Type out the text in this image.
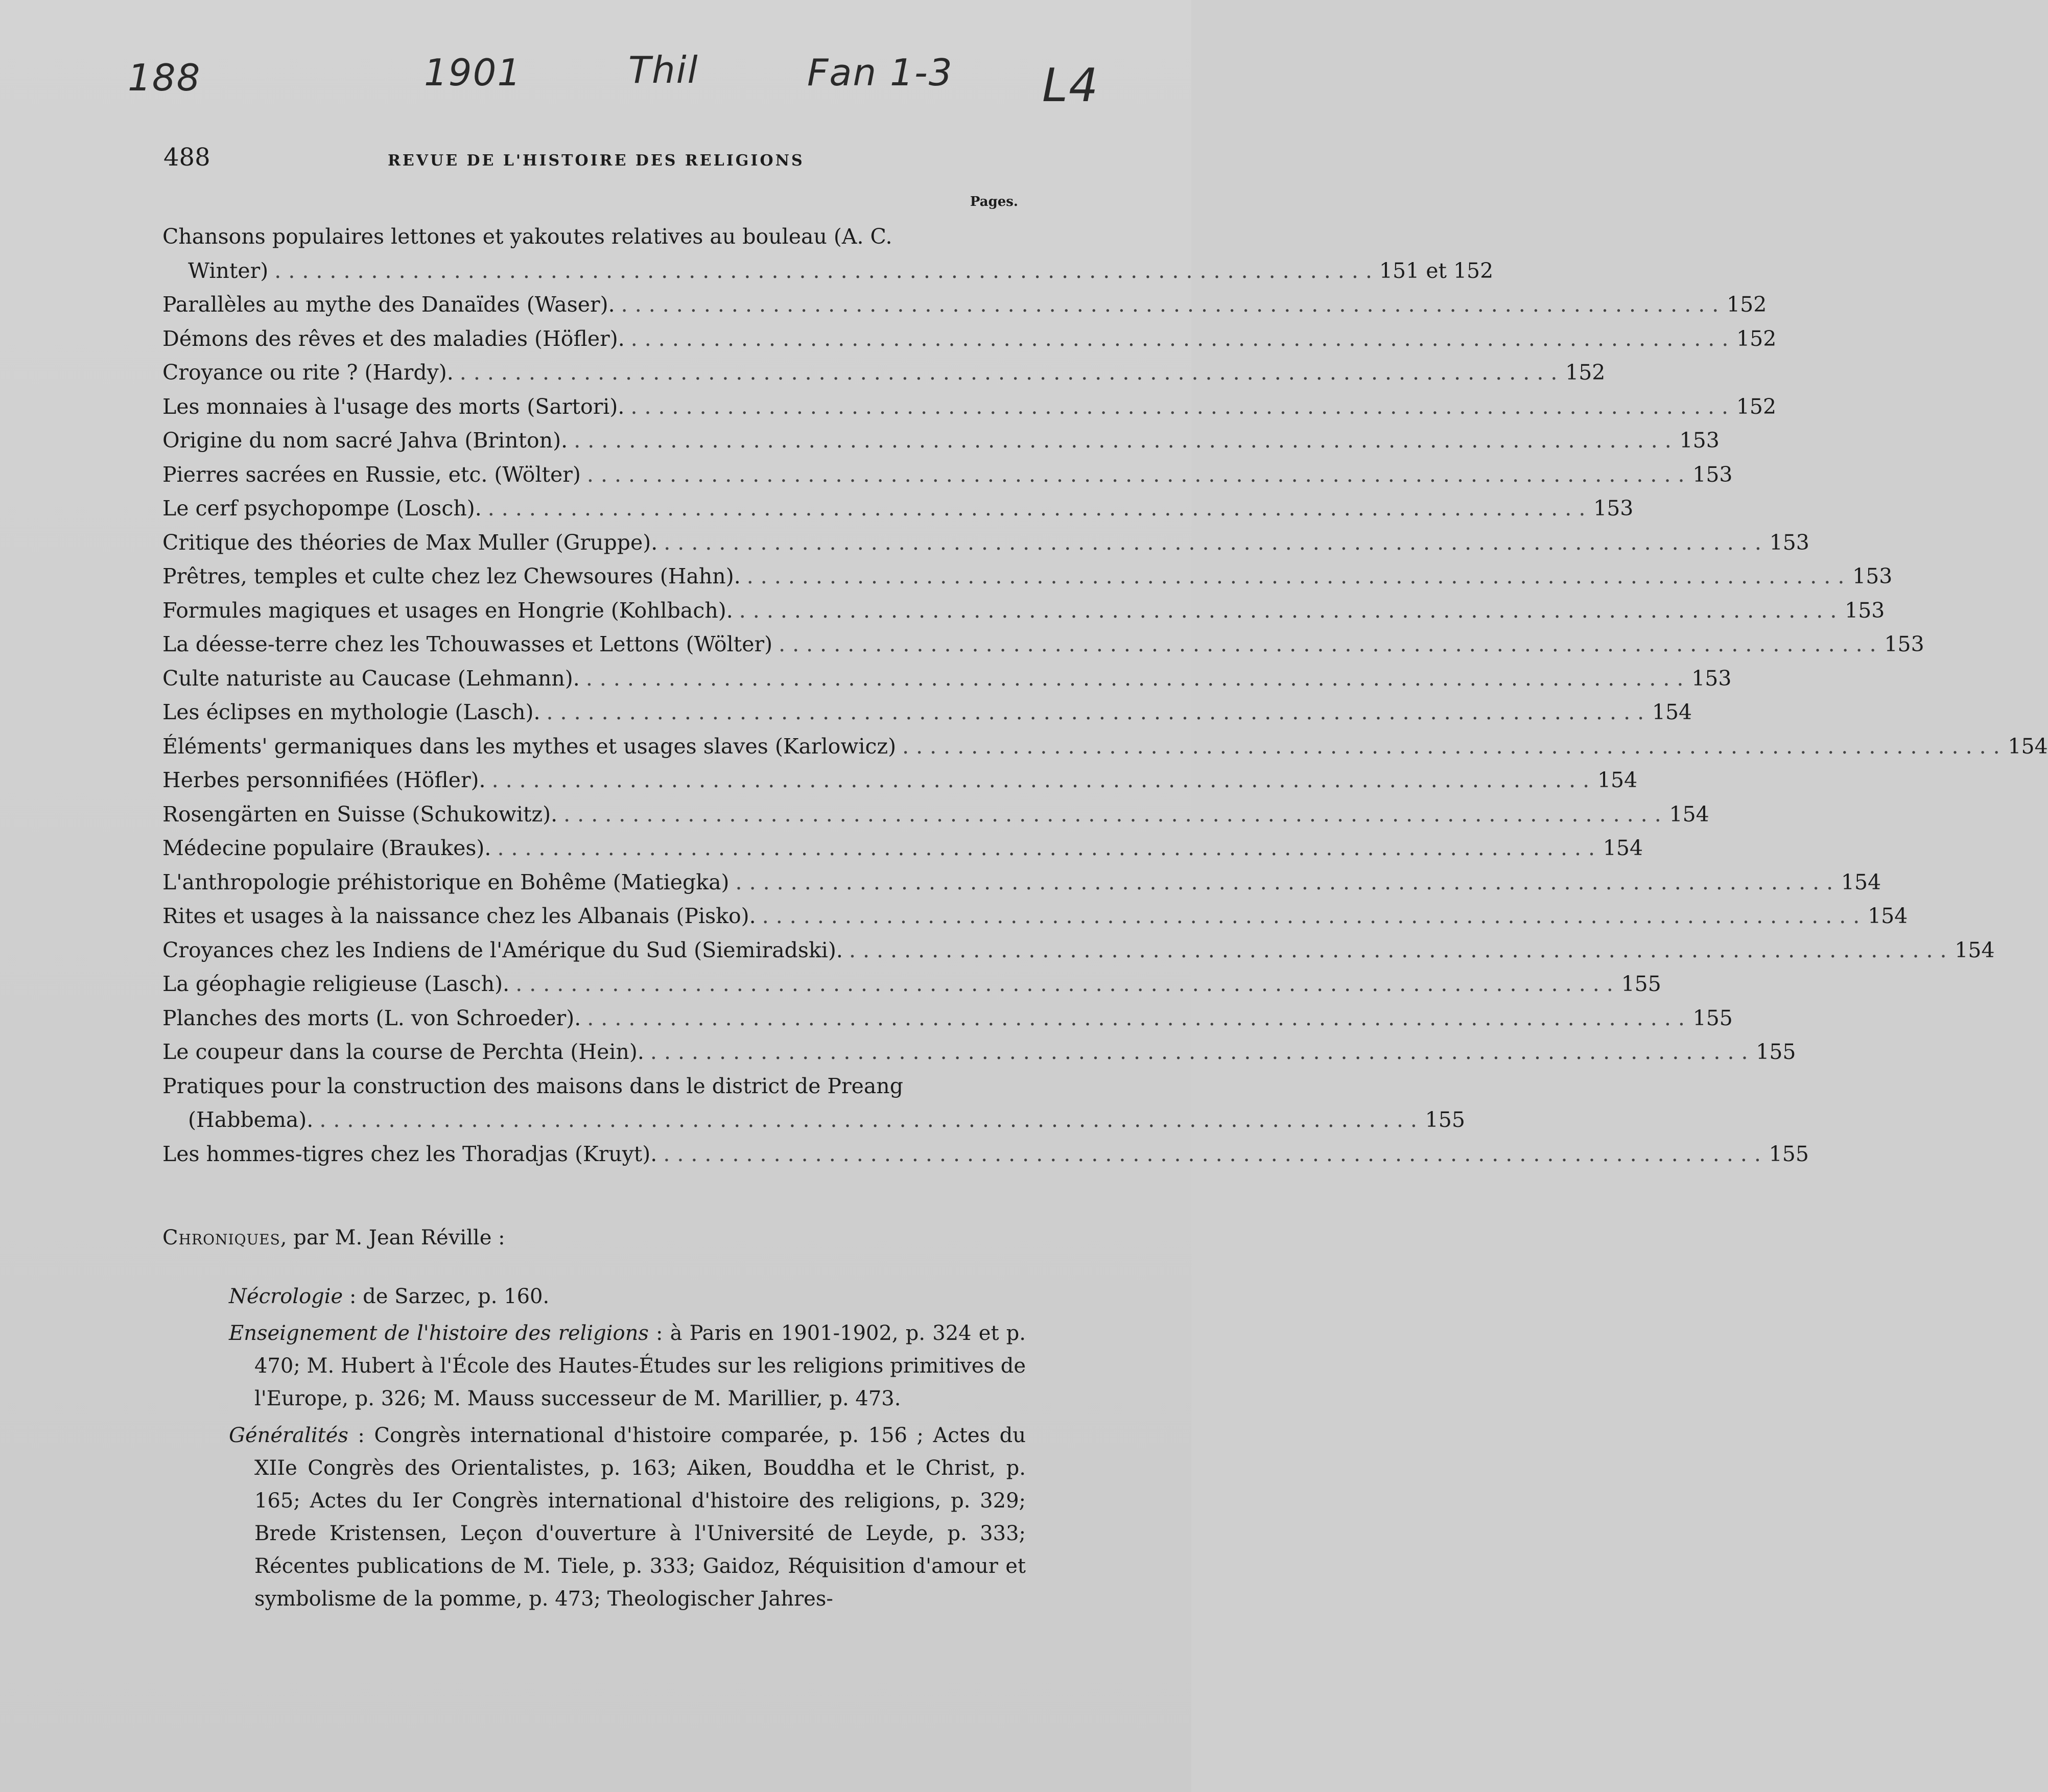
188	1901	Thil	Fan 1-3 L4
488	REVUE DE L'HISTOIRE DES RELIGIONS
Pages.
Chansons populaires lettones et yakoutes relatives au bouleau (A. C.
Winter) ................................................................................ 151 et 152
Parallèles au mythe des Danaïdes (Waser). ................................................................................ 152
Démons des rêves et des maladies (Höfler). ................................................................................ 152
Croyance ou rite ? (Hardy). ................................................................................ 152
Les monnaies à l'usage des morts (Sartori). ................................................................................ 152
Origine du nom sacré Jahva (Brinton). ................................................................................ 153
Pierres sacrées en Russie, etc. (Wölter) ................................................................................ 153
Le cerf psychopompe (Losch). ................................................................................ 153
Critique des théories de Max Muller (Gruppe). ................................................................................ 153
Prêtres, temples et culte chez lez Chewsoures (Hahn). ................................................................................ 153
Formules magiques et usages en Hongrie (Kohlbach). ................................................................................ 153
La déesse-terre chez les Tchouwasses et Lettons (Wölter) ................................................................................ 153
Culte naturiste au Caucase (Lehmann). ................................................................................ 153
Les éclipses en mythologie (Lasch). ................................................................................ 154
Éléments' germaniques dans les mythes et usages slaves (Karlowicz) ................................................................................ 154
Herbes personnifiées (Höfler). ................................................................................ 154
Rosengärten en Suisse (Schukowitz). ................................................................................ 154
Médecine populaire (Braukes). ................................................................................ 154
L'anthropologie préhistorique en Bohême (Matiegka) ................................................................................ 154
Rites et usages à la naissance chez les Albanais (Pisko). ................................................................................ 154
Croyances chez les Indiens de l'Amérique du Sud (Siemiradski). ................................................................................ 154
La géophagie religieuse (Lasch). ................................................................................ 155
Planches des morts (L. von Schroeder). ................................................................................ 155
Le coupeur dans la course de Perchta (Hein). ................................................................................ 155
Pratiques pour la construction des maisons dans le district de Preang
(Habbema). ................................................................................ 155
Les hommes-tigres chez les Thoradjas (Kruyt). ................................................................................ 155
Chroniques, par M. Jean Réville :
Nécrologie : de Sarzec, p. 160.
Enseignement de l'histoire des religions : à Paris en 1901-1902, p. 324 et p. 470; M. Hubert à l'École des Hautes-Études sur les religions primitives de l'Europe, p. 326; M. Mauss successeur de M. Marillier, p. 473.
Généralités : Congrès international d'histoire comparée, p. 156 ; Actes du XIIe Congrès des Orientalistes, p. 163; Aiken, Bouddha et le Christ, p. 165; Actes du Ier Congrès international d'histoire des religions, p. 329; Brede Kristensen, Leçon d'ouverture à l'Université de Leyde, p. 333; Récentes publications de M. Tiele, p. 333; Gaidoz, Réquisition d'amour et symbolisme de la pomme, p. 473; Theologischer Jahres-
